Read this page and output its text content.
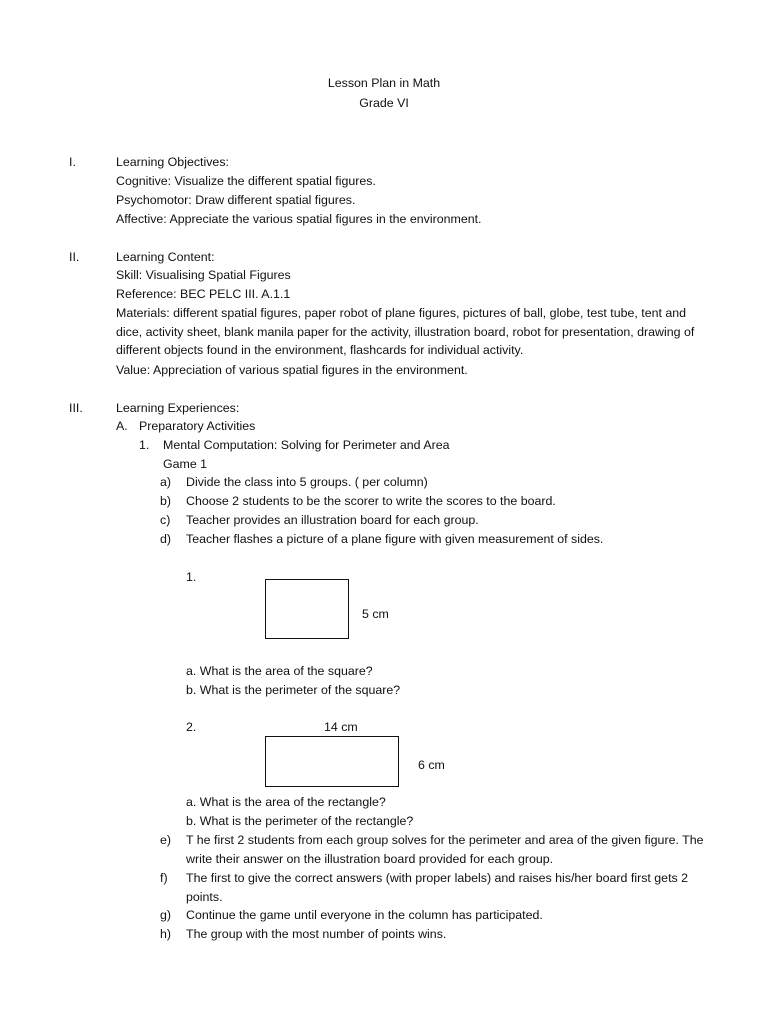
Lesson Plan in Math
Grade VI
I.	Learning Objectives:
Cognitive: Visualize the different spatial figures.
Psychomotor: Draw different spatial figures.
Affective: Appreciate the various spatial figures in the environment.
II.	Learning Content:
Skill: Visualising Spatial Figures
Reference: BEC PELC III. A.1.1
Materials: different spatial figures, paper robot of plane figures, pictures of ball, globe, test tube, tent and dice, activity sheet, blank manila paper for the activity, illustration board, robot for presentation, drawing of different objects found in the environment, flashcards for individual activity.
Value: Appreciation of various spatial figures in the environment.
III.	Learning Experiences:
A. Preparatory Activities
1. Mental Computation: Solving for Perimeter and Area
Game 1
a) Divide the class into 5 groups. ( per column)
b) Choose 2 students to be the scorer to write the scores to the board.
c) Teacher provides an illustration board for each group.
d) Teacher flashes a picture of a plane figure with given measurement of sides.
1.
5 cm
a. What is the area of the square?
b. What is the perimeter of the square?
2.	14 cm
6 cm
a. What is the area of the rectangle?
b. What is the perimeter of the rectangle?
e) T he first 2 students from each group solves for the perimeter and area of the given figure. The write their answer on the illustration board provided for each group.
f)	The first to give the correct answers (with proper labels) and raises his/her board first gets 2 points.
g) Continue the game until everyone in the column has participated.
h) The group with the most number of points wins.
